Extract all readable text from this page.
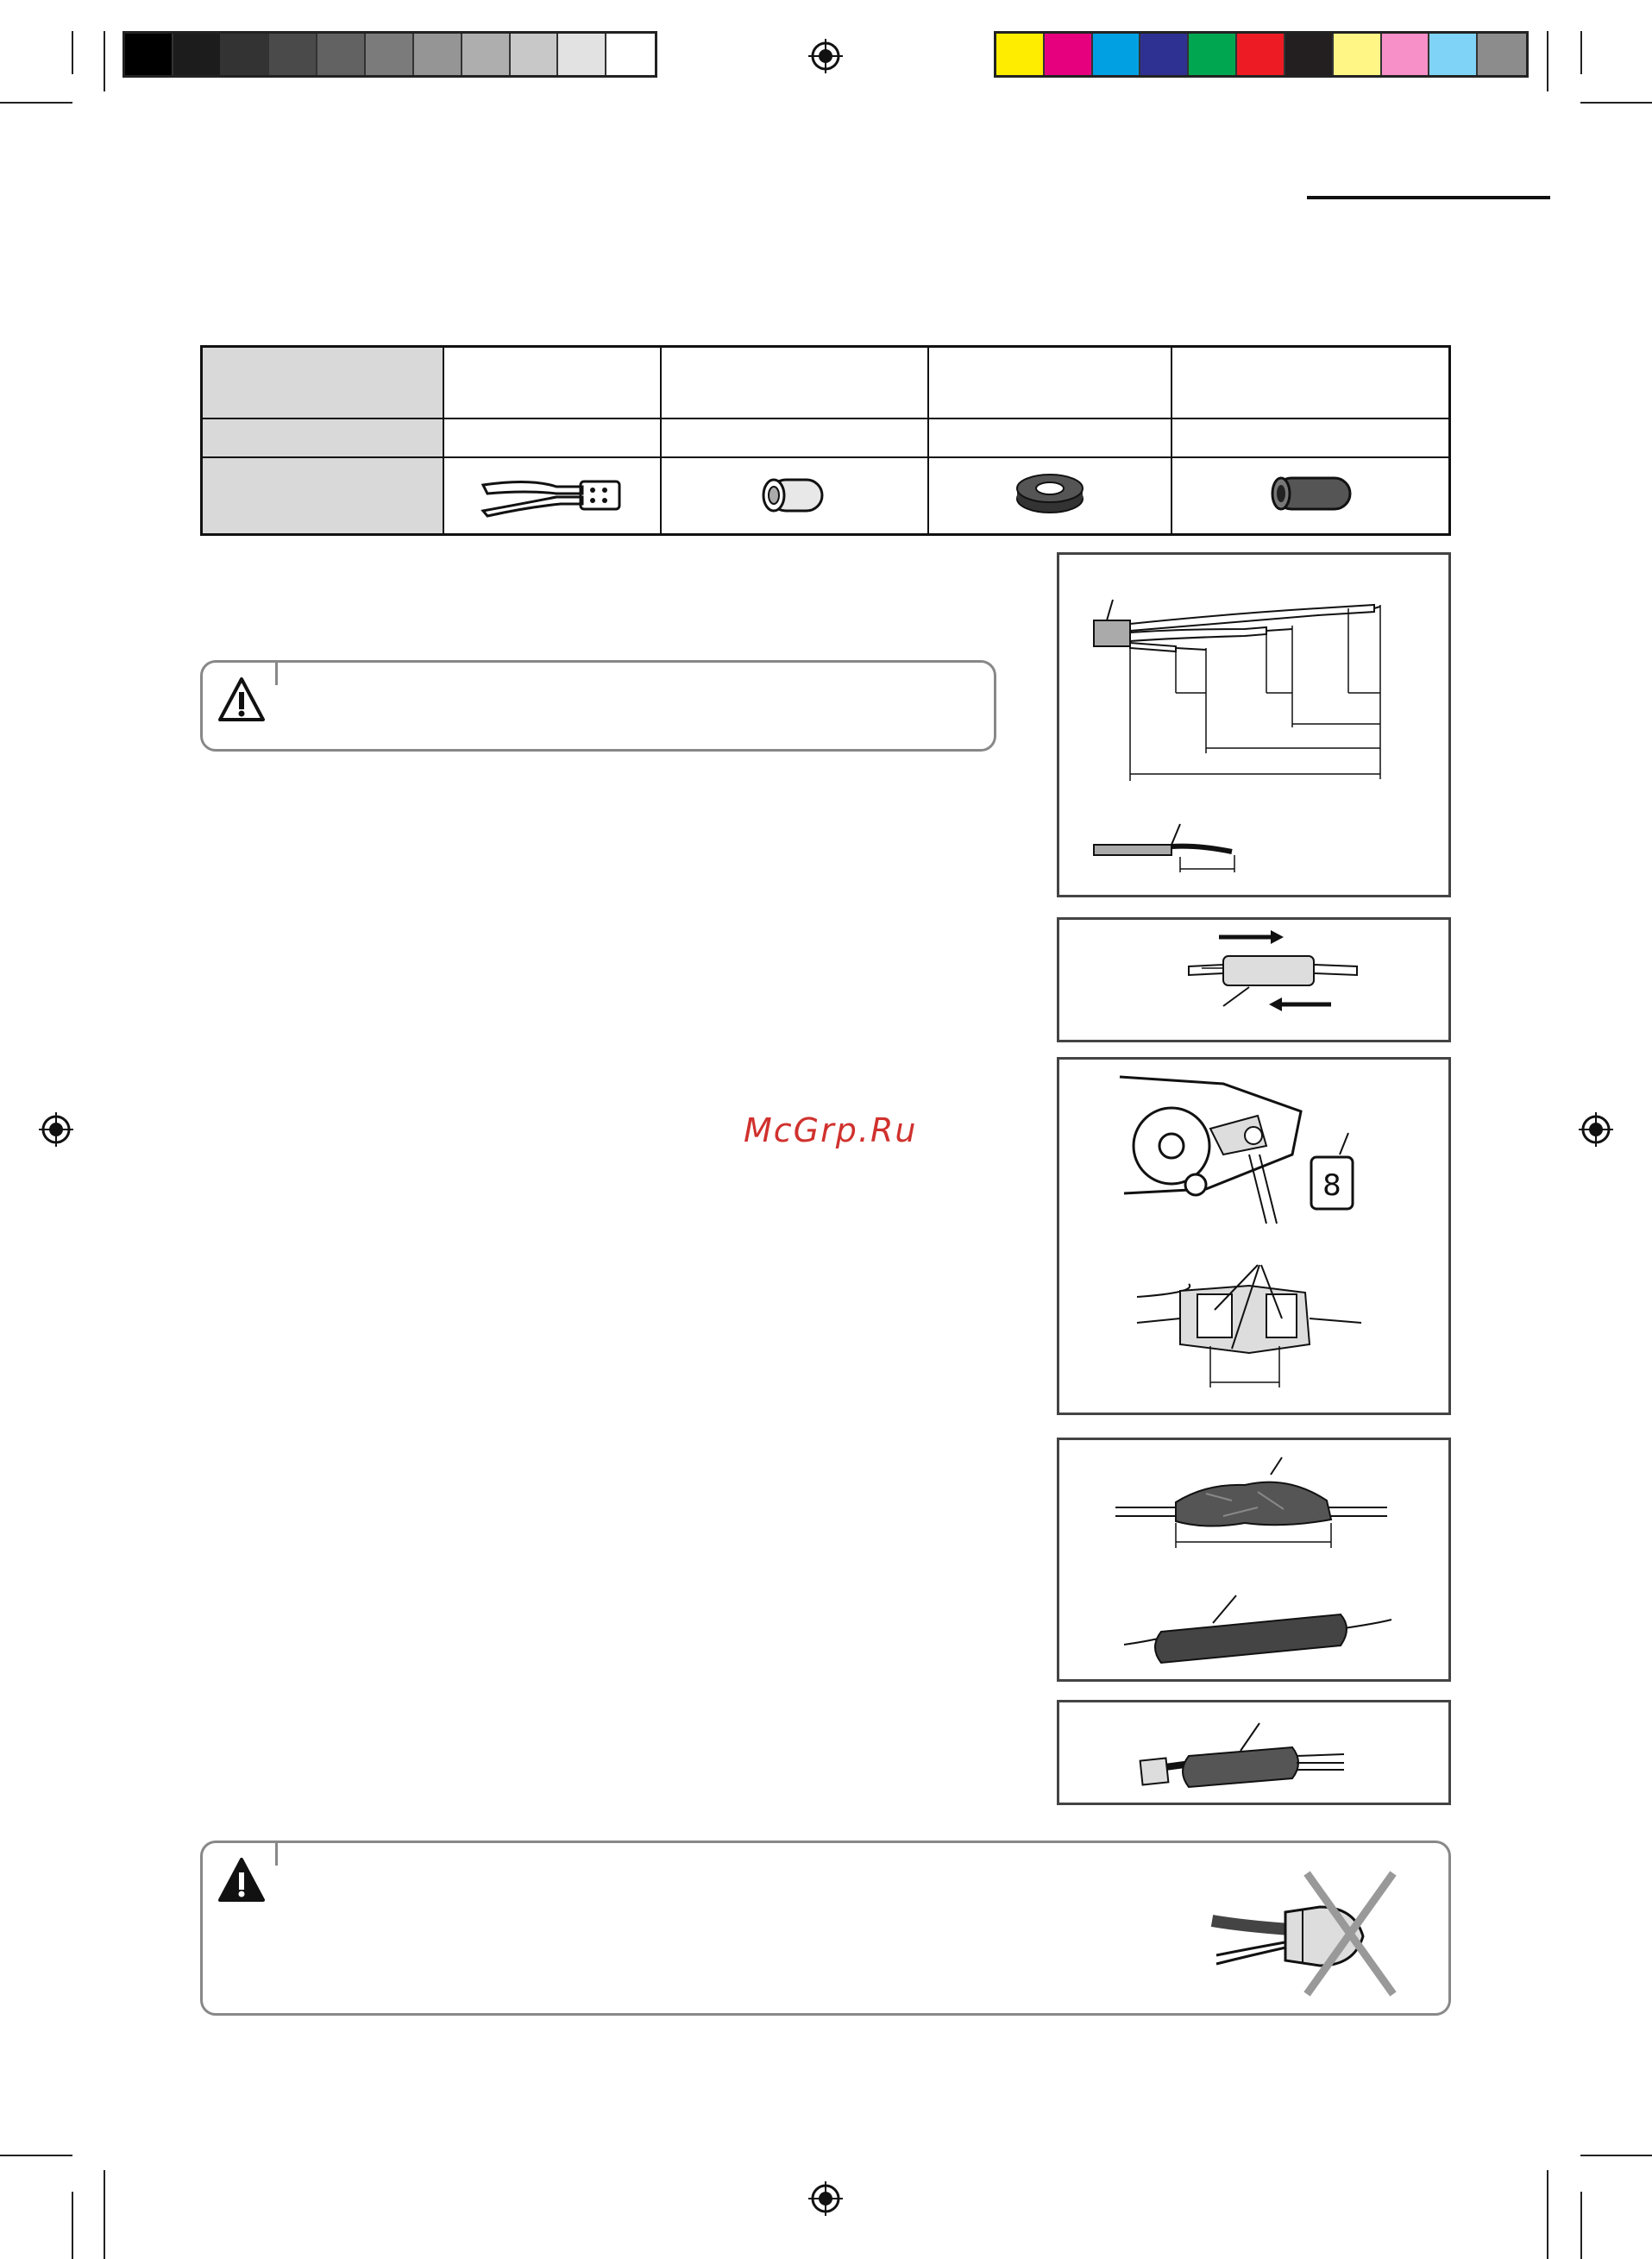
8
McGrp.Ru
